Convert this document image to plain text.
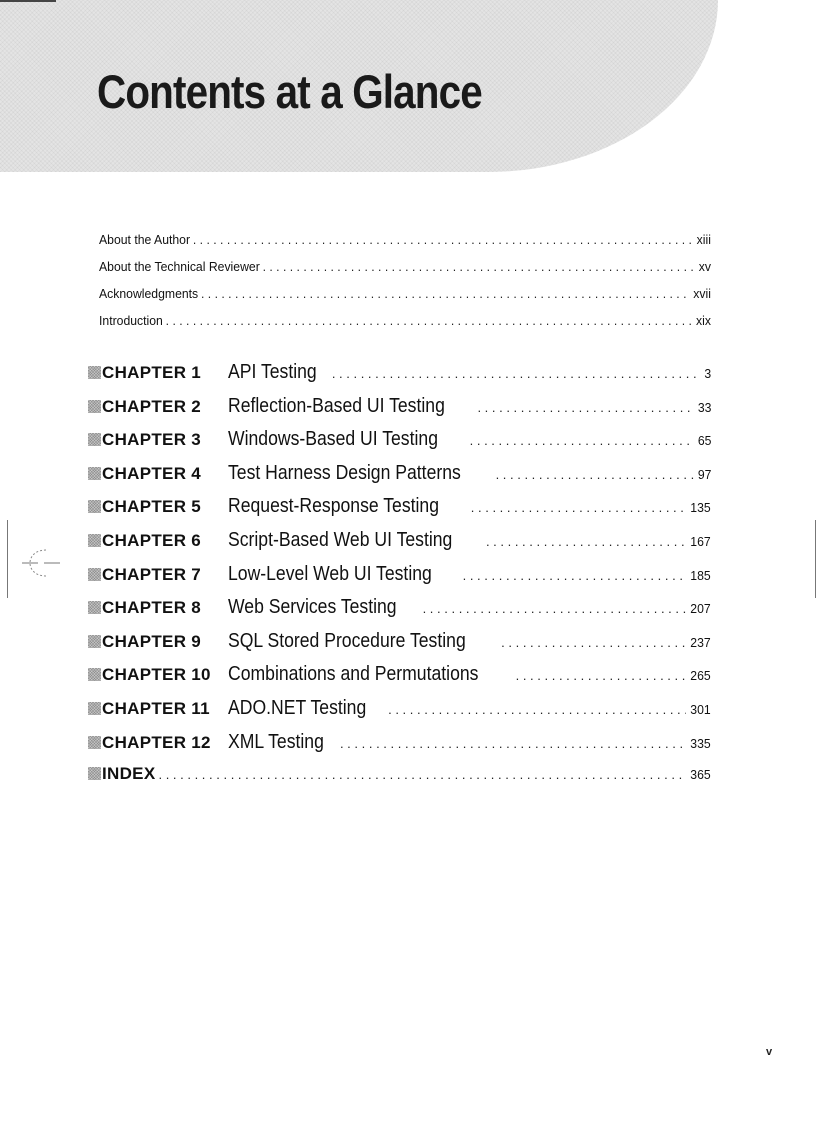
Contents at a Glance
About the Author . . .	xiii
About the Technical Reviewer . . .	xv
Acknowledgments . . .	xvii
Introduction . . .	xix
CHAPTER 1 API Testing . . .	3
CHAPTER 2 Reflection-Based UI Testing . . .	33
CHAPTER 3 Windows-Based UI Testing . . .	65
CHAPTER 4 Test Harness Design Patterns . . .	97
CHAPTER 5 Request-Response Testing . . .	135
CHAPTER 6 Script-Based Web UI Testing . . .	167
CHAPTER 7 Low-Level Web UI Testing . . .	185
CHAPTER 8 Web Services Testing . . .	207
CHAPTER 9 SQL Stored Procedure Testing . . .	237
CHAPTER 10 Combinations and Permutations . . .	265
CHAPTER 11 ADO.NET Testing . . .	301
CHAPTER 12 XML Testing . . .	335
INDEX . . .	365
v
